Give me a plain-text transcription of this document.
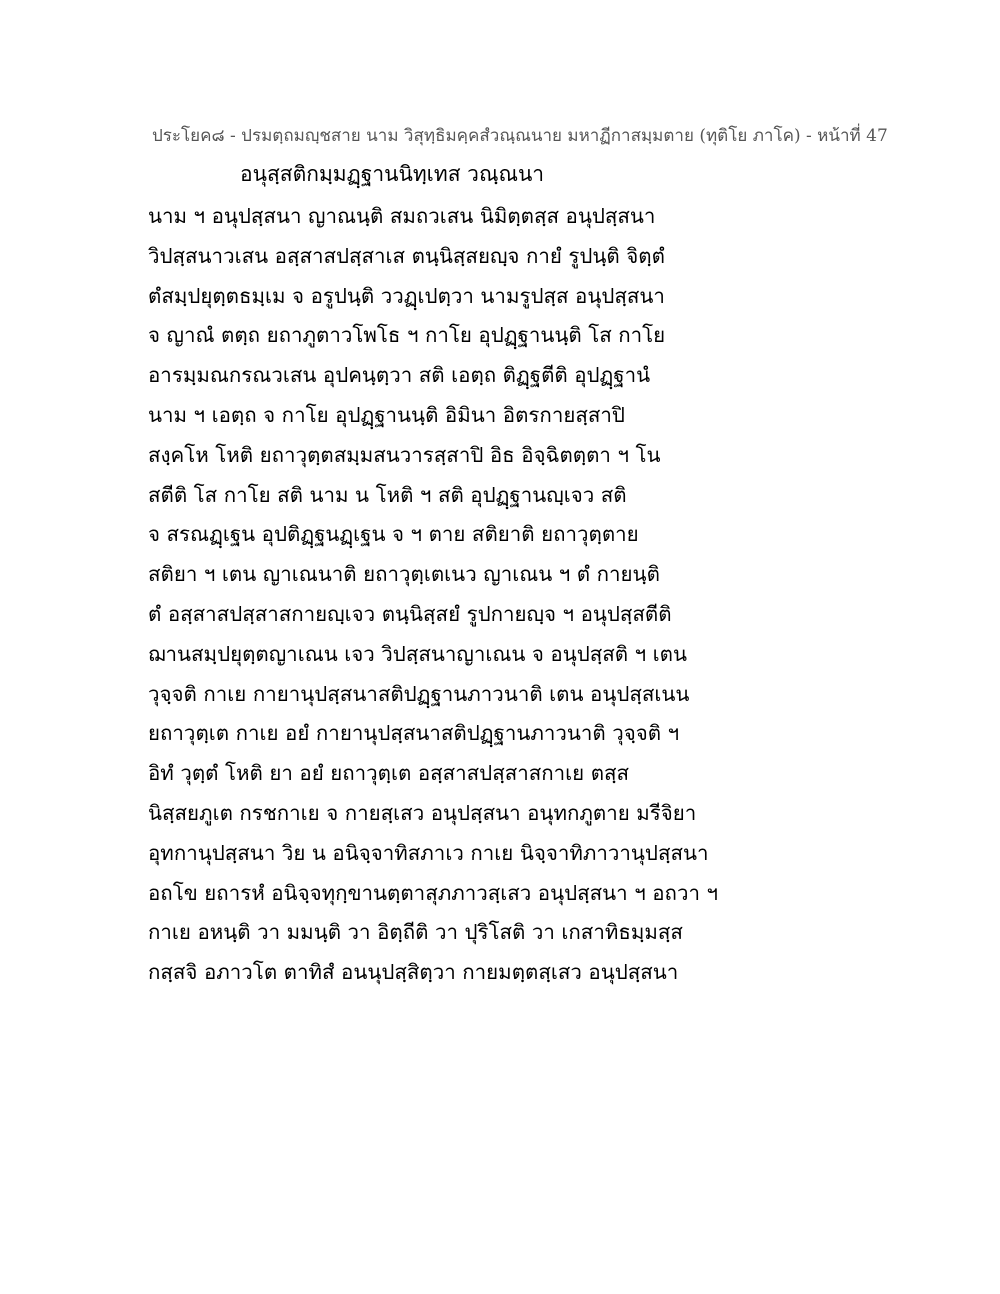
ประโยค๘ - ปรมตฺถมญฺชสาย นาม วิสุทฺธิมคฺคสํวณฺณนาย มหาฏีกาสมฺมตาย (ทุติโย ภาโค) - หน้าที่ 47
อนุสฺสติกมฺมฏฺฐานนิทฺเทส วณฺณนา
นาม ฯ อนุปสฺสนา ญาณนฺติ สมถวเสน นิมิตฺตสฺส อนุปสฺสนา
วิปสฺสนาวเสน อสฺสาสปสฺสาเส ตนฺนิสฺสยญฺจ กายํ รูปนฺติ จิตฺตํ
ตํสมฺปยุตฺตธมฺเม จ อรูปนฺติ ววฏฺเปตฺวา นามรูปสฺส อนุปสฺสนา
จ ญาณํ ตตฺถ ยถาภูตาวโพโธ ฯ กาโย อุปฏฺฐานนฺติ โส กาโย
อารมฺมณกรณวเสน อุปคนฺตฺวา สติ เอตฺถ ติฏฺฐตีติ อุปฏฺฐานํ
นาม ฯ เอตฺถ จ กาโย อุปฏฺฐานนฺติ อิมินา อิตรกายสฺสาปิ
สงฺคโห โหติ ยถาวุตฺตสมฺมสนวารสฺสาปิ อิธ อิจฺฉิตตฺตา ฯ โน
สตีติ โส กาโย สติ นาม น โหติ ฯ สติ อุปฏฺฐานญฺเจว สติ
จ สรณฏฺเฐน อุปติฏฺฐนฏฺเฐน จ ฯ ตาย สติยาติ ยถาวุตฺตาย
สติยา ฯ เตน ญาเณนาติ ยถาวุตฺเตเนว ญาเณน ฯ ตํ กายนฺติ
ตํ อสฺสาสปสฺสาสกายญฺเจว ตนฺนิสฺสยํ รูปกายญฺจ ฯ อนุปสฺสตีติ
ฌานสมฺปยุตฺตญาเณน เจว วิปสฺสนาญาเณน จ อนุปสฺสติ ฯ เตน
วุจฺจติ กาเย กายานุปสฺสนาสติปฏฺฐานภาวนาติ เตน อนุปสฺสเนน
ยถาวุตฺเต กาเย อยํ กายานุปสฺสนาสติปฏฺฐานภาวนาติ วุจฺจติ ฯ
อิทํ วุตฺตํ โหติ ยา อยํ ยถาวุตฺเต อสฺสาสปสฺสาสกาเย ตสฺส
นิสฺสยภูเต กรชกาเย จ กายสฺเสว อนุปสฺสนา อนุทกภูตาย มรีจิยา
อุทกานุปสฺสนา วิย น อนิจฺจาทิสภาเว กาเย นิจฺจาทิภาวานุปสฺสนา
อถโข ยถารหํ อนิจฺจทุกฺขานตฺตาสุภภาวสฺเสว อนุปสฺสนา ฯ อถวา ฯ
กาเย อหนฺติ วา มมนฺติ วา อิตฺถีติ วา ปุริโสติ วา เกสาทิธมฺมสฺส
กสฺสจิ อภาวโต ตาทิสํ อนนุปสฺสิตฺวา กายมตฺตสฺเสว อนุปสฺสนา
